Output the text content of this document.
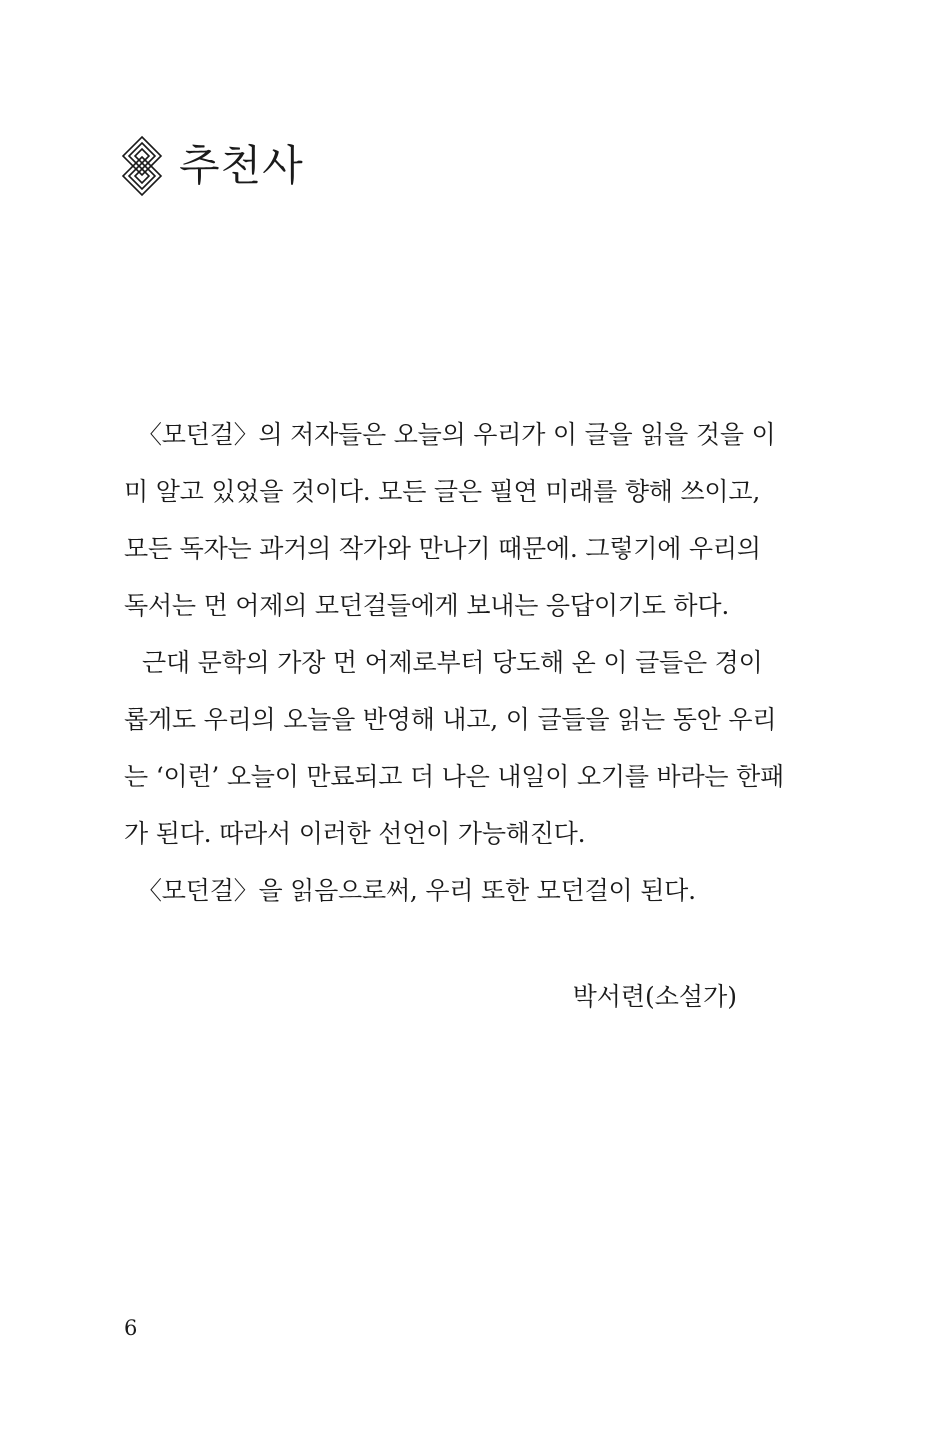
추천사
〈모던걸〉의 저자들은 오늘의 우리가 이 글을 읽을 것을 이
미 알고 있었을 것이다. 모든 글은 필연 미래를 향해 쓰이고,
모든 독자는 과거의 작가와 만나기 때문에. 그렇기에 우리의
독서는 먼 어제의 모던걸들에게 보내는 응답이기도 하다.
근대 문학의 가장 먼 어제로부터 당도해 온 이 글들은 경이
롭게도 우리의 오늘을 반영해 내고, 이 글들을 읽는 동안 우리
는 ‘이런’ 오늘이 만료되고 더 나은 내일이 오기를 바라는 한패
가 된다. 따라서 이러한 선언이 가능해진다.
〈모던걸〉을 읽음으로써, 우리 또한 모던걸이 된다.
박서련(소설가)
6
